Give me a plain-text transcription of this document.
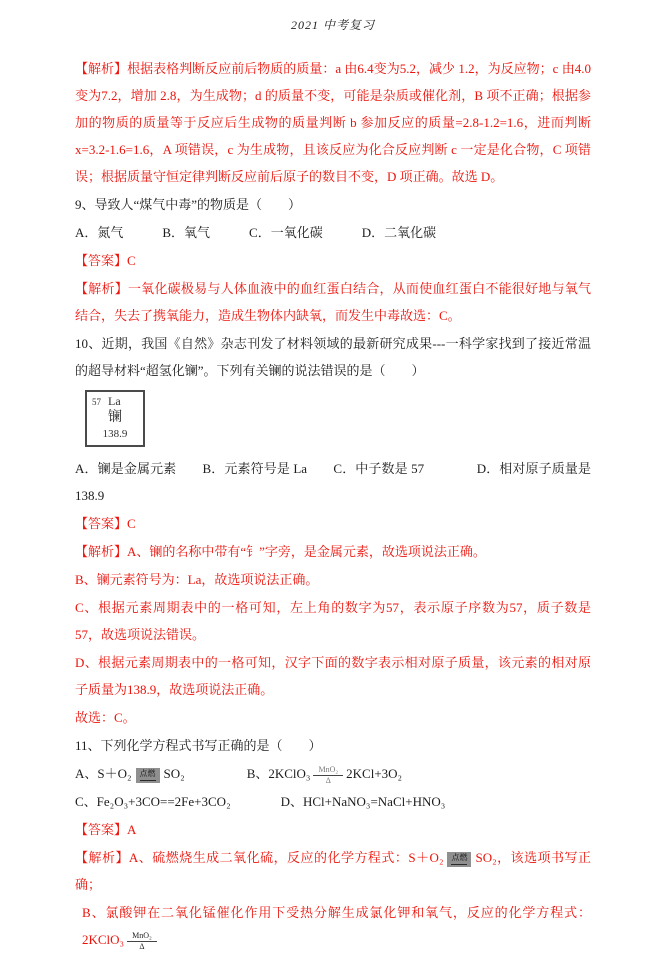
2021 中考复习

【解析】根据表格判断反应前后物质的质量：a 由6.4变为5.2，减少 1.2，为反应物；c 由4.0变为7.2，增加 2.8，为生成物；d 的质量不变，可能是杂质或催化剂，B 项不正确；根据参加的物质的质量等于反应后生成物的质量判断 b 参加反应的质量=2.8-1.2=1.6，进而判断 x=3.2-1.6=1.6，A 项错误，c 为生成物，且该反应为化合反应判断 c 一定是化合物，C 项错误；根据质量守恒定律判断反应前后原子的数目不变，D 项正确。故选 D。

9、导致人“煤气中毒”的物质是（　　）

A．氮气　　　B．氧气　　　C．一氧化碳　　　D．二氧化碳

【答案】C

【解析】一氧化碳极易与人体血液中的血红蛋白结合，从而使血红蛋白不能很好地与氧气结合，失去了携氧能力，造成生物体内缺氧，而发生中毒故选：C。

10、近期，我国《自然》杂志刊发了材料领域的最新研究成果---一科学家找到了接近常温的超导材料“超氢化镧”。下列有关镧的说法错误的是（　　）

57 La
镧
138.9

A．镧是金属元素　　B．元素符号是 La　　C．中子数是 57　　　　D．相对原子质量是 138.9

【答案】C

【解析】A、镧的名称中带有“钅”字旁，是金属元素，故选项说法正确。

B、镧元素符号为：La，故选项说法正确。

C、根据元素周期表中的一格可知，左上角的数字为57，表示原子序数为57，质子数是 57，故选项说法错误。

D、根据元素周期表中的一格可知，汉字下面的数字表示相对原子质量，该元素的相对原子质量为138.9，故选项说法正确。

故选：C。

11、下列化学方程式书写正确的是（　　）

A、S＋O₂ 点燃 SO₂	B、2KClO₃ $\frac{\text{MnO₂}}{\Delta} 2KCl+3O_2$

C、Fe₂O₃+3CO==2Fe+3CO₂	D、HCl+NaNO₃=NaCl+HNO₃

【答案】A

【解析】A、硫燃烧生成二氧化硫，反应的化学方程式：S＋O₂ 点燃 SO₂，该选项书写正确；

B、氯酸钾在二氧化锰催化作用下受热分解生成氯化钾和氧气，反应的化学方程式：2KClO₃ $\frac{\text{MnO₂}}{\Delta}$
